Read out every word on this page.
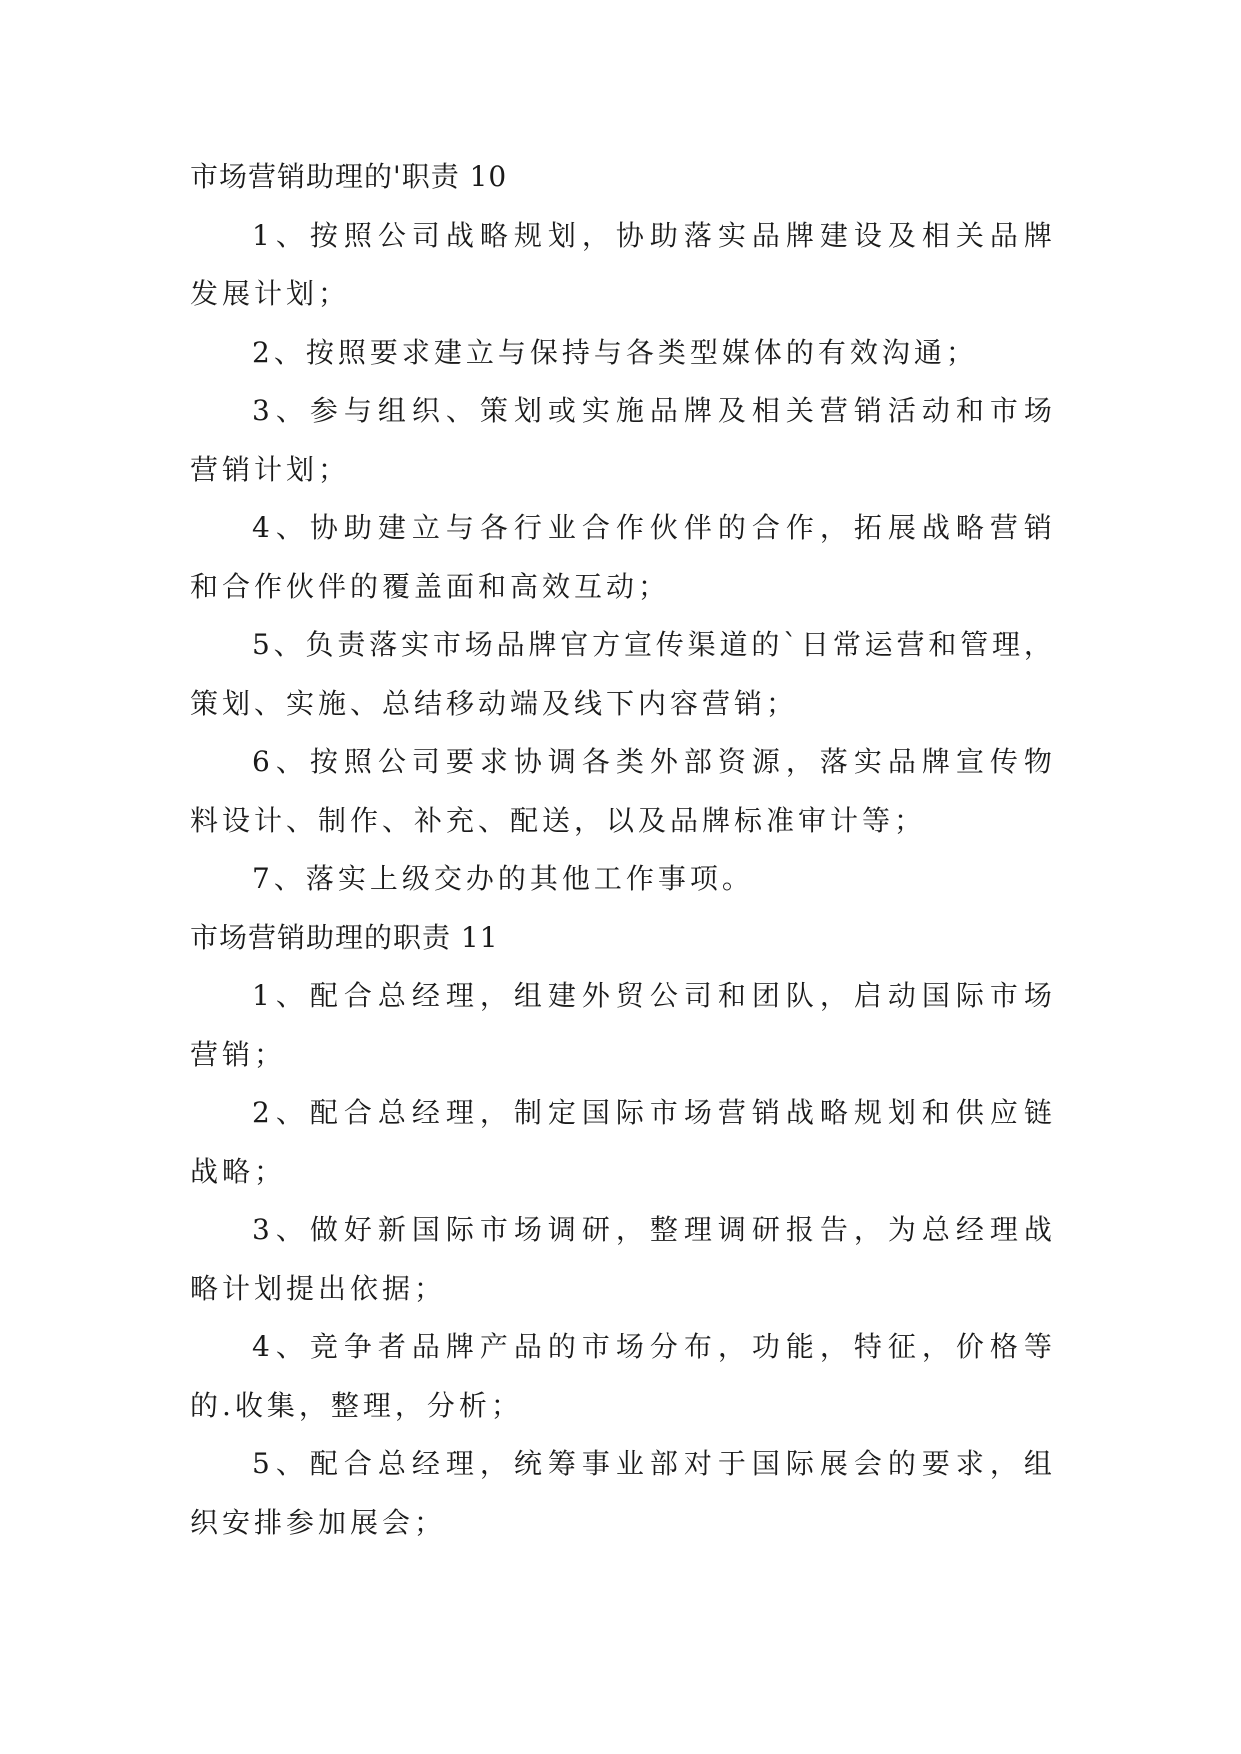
市场营销助理的'职责 10
1 、 按 照 公 司 战 略 规 划 ， 协 助 落 实 品 牌 建 设 及 相 关 品 牌
发展计划；
2、按照要求建立与保持与各类型媒体的有效沟通；
3 、 参 与 组 织 、 策 划 或 实 施 品 牌 及 相 关 营 销 活 动 和 市 场
营销计划；
4 、 协 助 建 立 与 各 行 业 合 作 伙 伴 的 合 作 ， 拓 展 战 略 营 销
和合作伙伴的覆盖面和高效互动；
5 、 负 责 落 实 市 场 品 牌 官 方 宣 传 渠 道 的 ` 日 常 运 营 和 管 理 ，
策划、实施、总结移动端及线下内容营销；
6 、 按 照 公 司 要 求 协 调 各 类 外 部 资 源 ， 落 实 品 牌 宣 传 物
料设计、制作、补充、配送，以及品牌标准审计等；
7、落实上级交办的其他工作事项。
市场营销助理的职责 11
1 、 配 合 总 经 理 ， 组 建 外 贸 公 司 和 团 队 ， 启 动 国 际 市 场
营销；
2 、 配 合 总 经 理 ， 制 定 国 际 市 场 营 销 战 略 规 划 和 供 应 链
战略；
3 、 做 好 新 国 际 市 场 调 研 ， 整 理 调 研 报 告 ， 为 总 经 理 战
略计划提出依据；
4 、 竞 争 者 品 牌 产 品 的 市 场 分 布 ， 功 能 ， 特 征 ， 价 格 等
的.收集，整理，分析；
5 、 配 合 总 经 理 ， 统 筹 事 业 部 对 于 国 际 展 会 的 要 求 ， 组
织安排参加展会；
